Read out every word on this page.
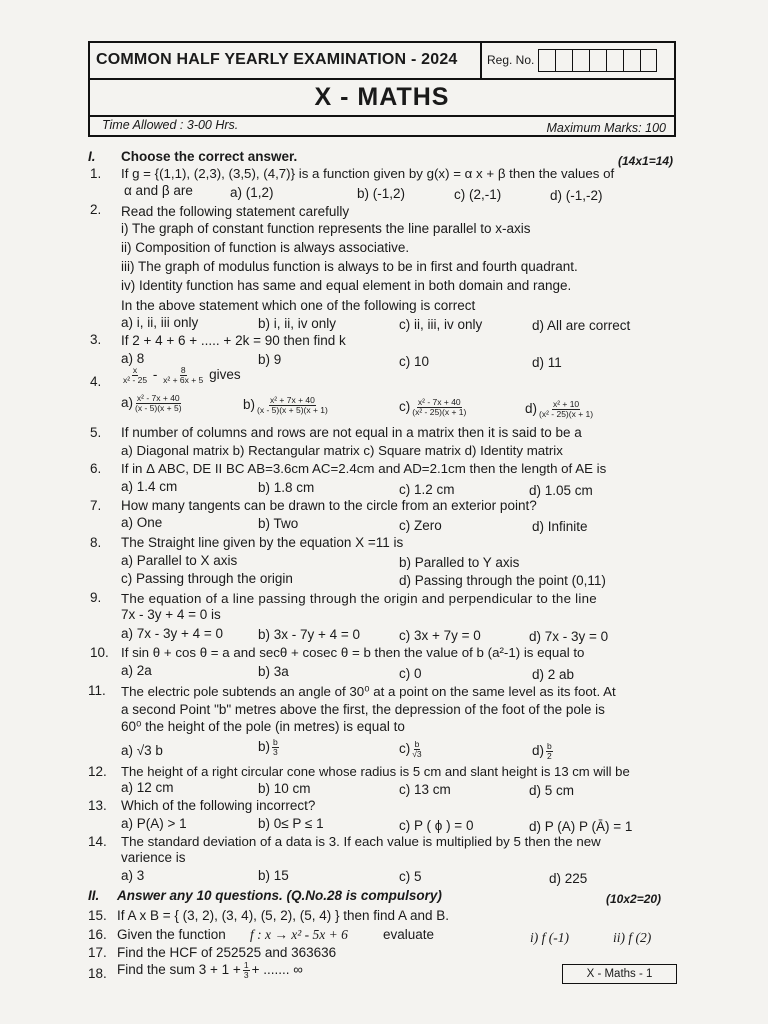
COMMON HALF YEARLY EXAMINATION - 2024 Reg. No.
X - MATHS
Time Allowed : 3-00 Hrs.	Maximum Marks: 100
I. Choose the correct answer.	(14x1=14)
1. If g = {(1,1), (2,3), (3,5), (4,7)} is a function given by g(x) = α x + β then the values of
α and β are	a) (1,2)	b) (-1,2)	c) (2,-1)	d) (-1,-2)
2. Read the following statement carefully
i) The graph of constant function represents the line parallel to x-axis
ii) Composition of function is always associative.
iii) The graph of modulus function is always to be in first and fourth quadrant.
iv) Identity function has same and equal element in both domain and range.
In the above statement which one of the following is correct
a) i, ii, iii only	b) i, ii, iv only	c) ii, iii, iv only	d) All are correct
3. If 2 + 4 + 6 + ..... + 2k = 90 then find k
a) 8	b) 9	c) 10	d) 11
4.	$\frac{x}{\text{x² - 25}} - \frac{8}{\text{x² + 6x + 5}}$ gives
$a) \frac{\text{x² - 7x + 40}}{(x - 5)(x + 5)}$	$b) \frac{\text{x² + 7x + 40}}{(x - 5)(x + 5)(x + 1)}$	$c) \frac{\text{x² - 7x + 40}}{\text{(x² - 25)(x + 1)}}$	$d) \frac{\text{x² + 10}}{\text{(x² - 25)(x + 1)}}$
5. If number of columns and rows are not equal in a matrix then it is said to be a
a) Diagonal matrix b) Rectangular matrix c) Square matrix d) Identity matrix
6. If in Δ ABC, DE II BC AB=3.6cm AC=2.4cm and AD=2.1cm then the length of AE is
a) 1.4 cm	b) 1.8 cm	c) 1.2 cm	d) 1.05 cm
7. How many tangents can be drawn to the circle from an exterior point?
a) One	b) Two	c) Zero	d) Infinite
8. The Straight line given by the equation X =11 is
a) Parallel to X axis	b) Paralled to Y axis
c) Passing through the origin	d) Passing through the point (0,11)
9. The equation of a line passing through the origin and perpendicular to the line
7x - 3y + 4 = 0 is
a) 7x - 3y + 4 = 0	b) 3x - 7y + 4 = 0	c) 3x + 7y = 0	d) 7x - 3y = 0
10. If sin θ + cos θ = a and secθ + cosec θ = b then the value of b (a²-1) is equal to
a) 2a	b) 3a	c) 0	d) 2 ab
11. The electric pole subtends an angle of 30⁰ at a point on the same level as its foot. At
a second Point "b" metres above the first, the depression of the foot of the pole is
60⁰ the height of the pole (in metres) is equal to
a) √3 b	$b) \frac{b}{3}$	$c) \frac{b}{√3}$	$d) \frac{b}{2}$
12. The height of a right circular cone whose radius is 5 cm and slant height is 13 cm will be
a) 12 cm	b) 10 cm	c) 13 cm	d) 5 cm
13. Which of the following incorrect?
a) P(A) > 1	b) 0≤ P ≤ 1	c) P ( ϕ ) = 0	d) P (A) P (Ā) = 1
14. The standard deviation of a data is 3. If each value is multiplied by 5 then the new
varience is
a) 3	b) 15	c) 5	d) 225
II. Answer any 10 questions. (Q.No.28 is compulsory)	(10x2=20)
15. If A x B = { (3, 2), (3, 4), (5, 2), (5, 4) } then find A and B.
16. Given the function f : x → x² - 5x + 6	evaluate	i) f (-1)	ii) f (2)
17. Find the HCF of 252525 and 363636
18. Find the sum $3 + 1 + \frac{1}{3}$ + ....... ∞	X - Maths - 1
